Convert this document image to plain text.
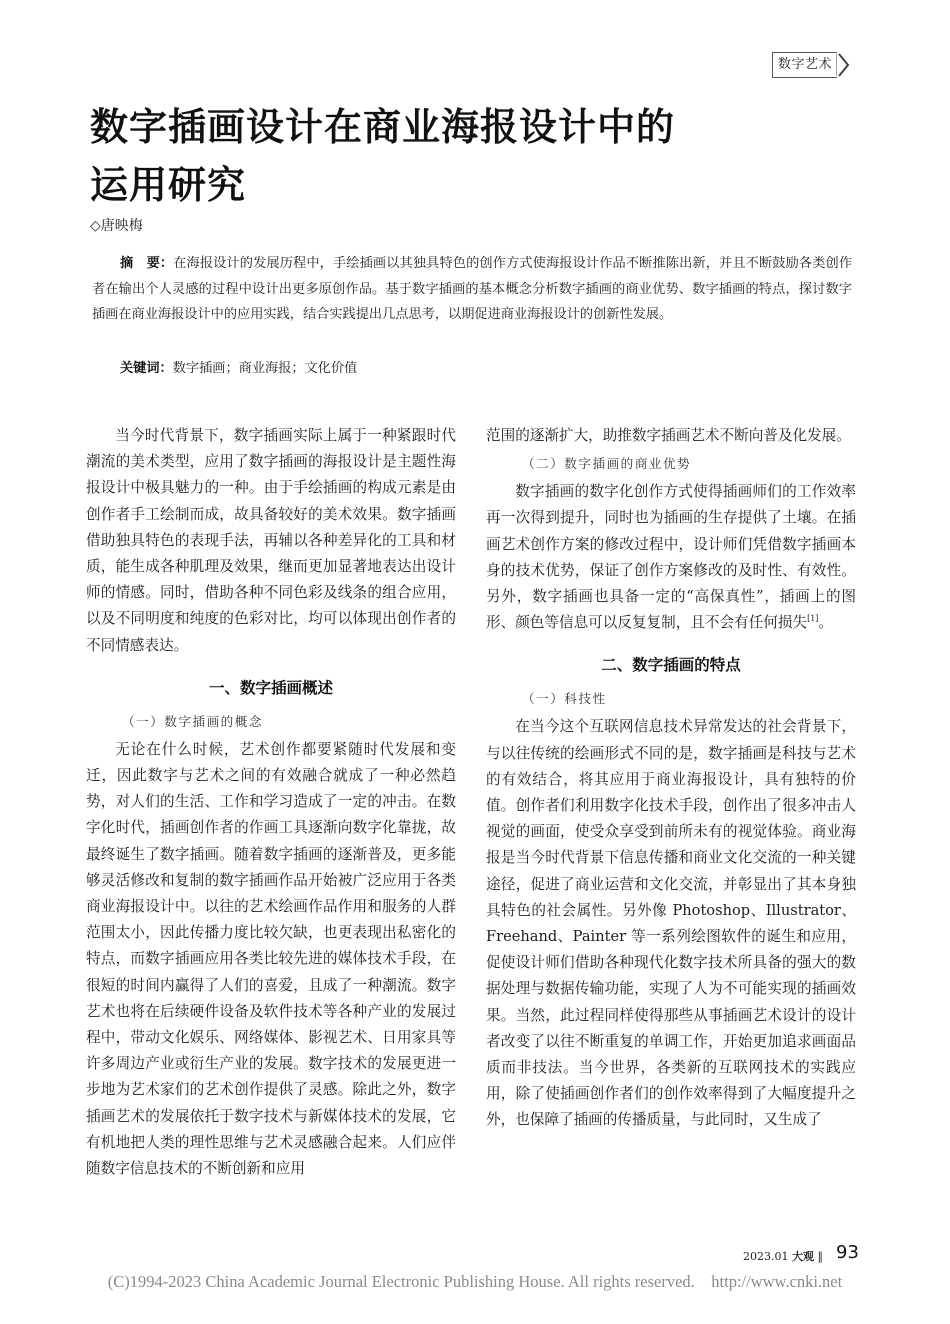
数字艺术
数字插画设计在商业海报设计中的
运用研究
◇唐映梅

摘　要：在海报设计的发展历程中，手绘插画以其独具特色的创作方式使海报设计作品不断推陈出新，并且不断鼓励各类创作者在输出个人灵感的过程中设计出更多原创作品。基于数字插画的基本概念分析数字插画的商业优势、数字插画的特点，探讨数字插画在商业海报设计中的应用实践，结合实践提出几点思考，以期促进商业海报设计的创新性发展。

关键词：数字插画；商业海报；文化价值

当今时代背景下，数字插画实际上属于一种紧跟时代潮流的美术类型，应用了数字插画的海报设计是主题性海报设计中极具魅力的一种。由于手绘插画的构成元素是由创作者手工绘制而成，故具备较好的美术效果。数字插画借助独具特色的表现手法，再辅以各种差异化的工具和材质，能生成各种肌理及效果，继而更加显著地表达出设计师的情感。同时，借助各种不同色彩及线条的组合应用，以及不同明度和纯度的色彩对比，均可以体现出创作者的不同情感表达。

一、数字插画概述
（一）数字插画的概念

无论在什么时候，艺术创作都要紧随时代发展和变迁，因此数字与艺术之间的有效融合就成了一种必然趋势，对人们的生活、工作和学习造成了一定的冲击。在数字化时代，插画创作者的作画工具逐渐向数字化靠拢，故最终诞生了数字插画。随着数字插画的逐渐普及，更多能够灵活修改和复制的数字插画作品开始被广泛应用于各类商业海报设计中。以往的艺术绘画作品作用和服务的人群范围太小，因此传播力度比较欠缺，也更表现出私密化的特点，而数字插画应用各类比较先进的媒体技术手段，在很短的时间内赢得了人们的喜爱，且成了一种潮流。数字艺术也将在后续硬件设备及软件技术等各种产业的发展过程中，带动文化娱乐、网络媒体、影视艺术、日用家具等许多周边产业或衍生产业的发展。数字技术的发展更进一步地为艺术家们的艺术创作提供了灵感。除此之外，数字插画艺术的发展依托于数字技术与新媒体技术的发展，它有机地把人类的理性思维与艺术灵感融合起来。人们应伴随数字信息技术的不断创新和应用

范围的逐渐扩大，助推数字插画艺术不断向普及化发展。

（二）数字插画的商业优势

数字插画的数字化创作方式使得插画师们的工作效率再一次得到提升，同时也为插画的生存提供了土壤。在插画艺术创作方案的修改过程中，设计师们凭借数字插画本身的技术优势，保证了创作方案修改的及时性、有效性。另外，数字插画也具备一定的“高保真性”，插画上的图形、颜色等信息可以反复复制，且不会有任何损失[1]。

二、数字插画的特点
（一）科技性

在当今这个互联网信息技术异常发达的社会背景下，与以往传统的绘画形式不同的是，数字插画是科技与艺术的有效结合，将其应用于商业海报设计，具有独特的价值。创作者们利用数字化技术手段，创作出了很多冲击人视觉的画面，使受众享受到前所未有的视觉体验。商业海报是当今时代背景下信息传播和商业文化交流的一种关键途径，促进了商业运营和文化交流，并彰显出了其本身独具特色的社会属性。另外像 Photoshop、Illustrator、Freehand、Painter 等一系列绘图软件的诞生和应用，促使设计师们借助各种现代化数字技术所具备的强大的数据处理与数据传输功能，实现了人为不可能实现的插画效果。当然，此过程同样使得那些从事插画艺术设计的设计者改变了以往不断重复的单调工作，开始更加追求画面品质而非技法。当今世界，各类新的互联网技术的实践应用，除了使插画创作者们的创作效率得到了大幅度提升之外，也保障了插画的传播质量，与此同时，又生成了

2023.01 大观 ‖ 93
(C)1994-2023 China Academic Journal Electronic Publishing House. All rights reserved.    http://www.cnki.net
